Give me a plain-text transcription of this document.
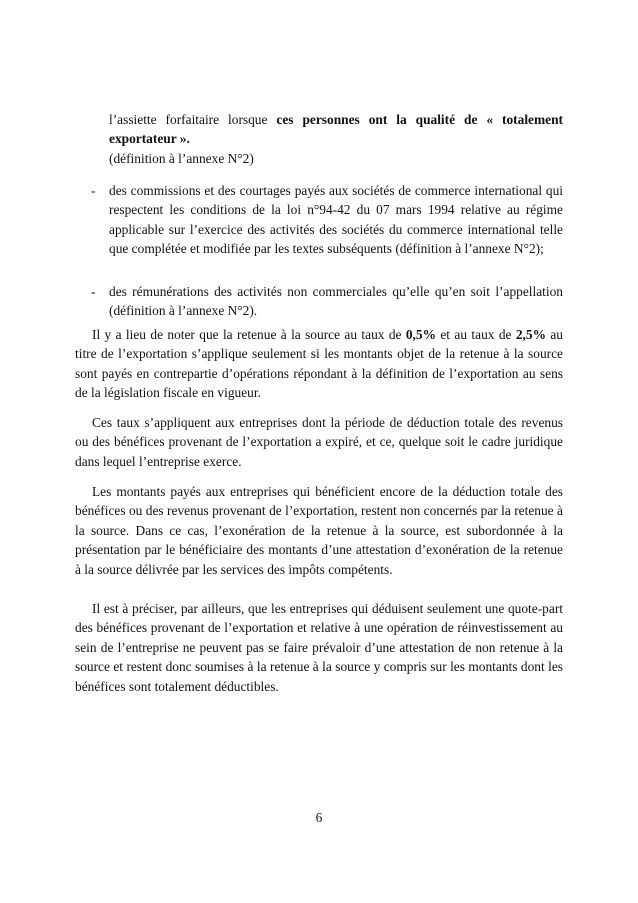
l’assiette forfaitaire lorsque ces personnes ont la qualité de « totalement exportateur ».
(définition à l’annexe N°2)
- des commissions et des courtages payés aux sociétés de commerce international qui respectent les conditions de la loi n°94-42 du 07 mars 1994 relative au régime applicable sur l’exercice des activités des sociétés du commerce international telle que complétée et modifiée par les textes subséquents (définition à l’annexe N°2);
- des rémunérations des activités non commerciales qu’elle qu’en soit l’appellation (définition à l’annexe N°2).

Il y a lieu de noter que la retenue à la source au taux de 0,5% et au taux de 2,5% au titre de l’exportation s’applique seulement si les montants objet de la retenue à la source sont payés en contrepartie d’opérations répondant à la définition de l’exportation au sens de la législation fiscale en vigueur.

Ces taux s’appliquent aux entreprises dont la période de déduction totale des revenus ou des bénéfices provenant de l’exportation a expiré, et ce, quelque soit le cadre juridique dans lequel l’entreprise exerce.

Les montants payés aux entreprises qui bénéficient encore de la déduction totale des bénéfices ou des revenus provenant de l’exportation, restent non concernés par la retenue à la source. Dans ce cas, l’exonération de la retenue à la source, est subordonnée à la présentation par le bénéficiaire des montants d’une attestation d’exonération de la retenue à la source délivrée par les services des impôts compétents.

Il est à préciser, par ailleurs, que les entreprises qui déduisent seulement une quote-part des bénéfices provenant de l’exportation et relative à une opération de réinvestissement au sein de l’entreprise ne peuvent pas se faire prévaloir d’une attestation de non retenue à la source et restent donc soumises à la retenue à la source y compris sur les montants dont les bénéfices sont totalement déductibles.

6
